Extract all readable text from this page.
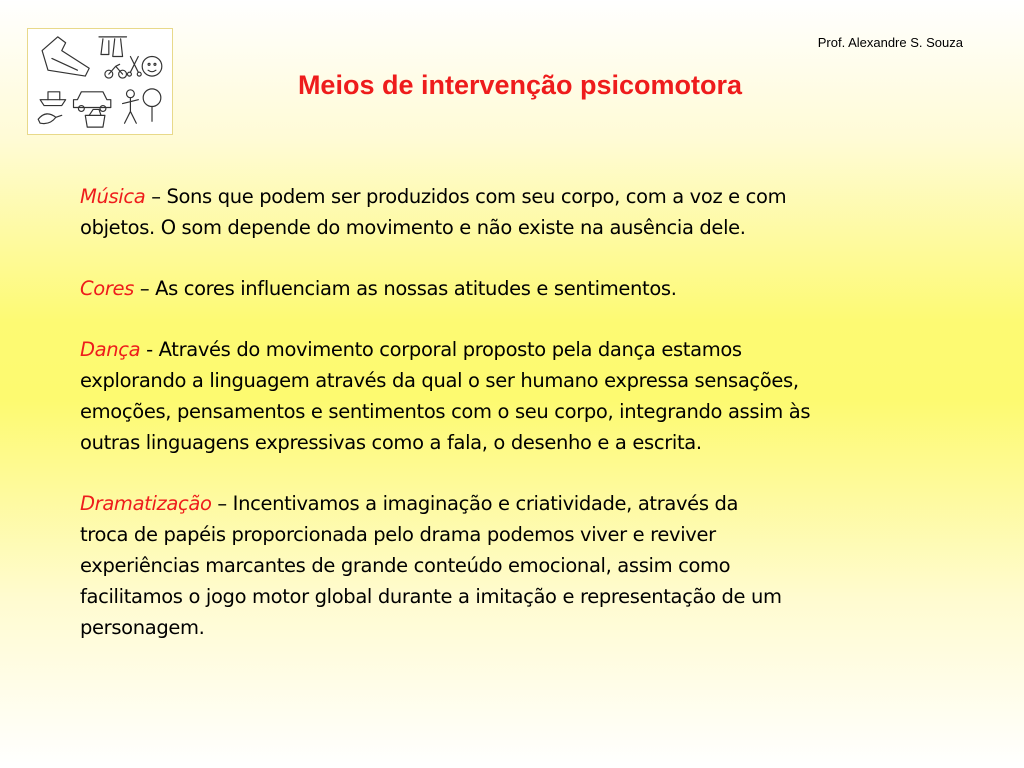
Prof. Alexandre S. Souza
Meios de intervenção psicomotora

Música – Sons que podem ser produzidos com seu corpo, com a voz e com
objetos. O som depende do movimento e não existe na ausência dele.

Cores – As cores influenciam as nossas atitudes e sentimentos.

Dança - Através do movimento corporal proposto pela dança estamos
explorando a linguagem através da qual o ser humano expressa sensações,
emoções, pensamentos e sentimentos com o seu corpo, integrando assim às
outras linguagens expressivas como a fala, o desenho e a escrita.

Dramatização – Incentivamos a imaginação e criatividade, através da
troca de papéis proporcionada pelo drama podemos viver e reviver
experiências marcantes de grande conteúdo emocional, assim como
facilitamos o jogo motor global durante a imitação e representação de um
personagem.
